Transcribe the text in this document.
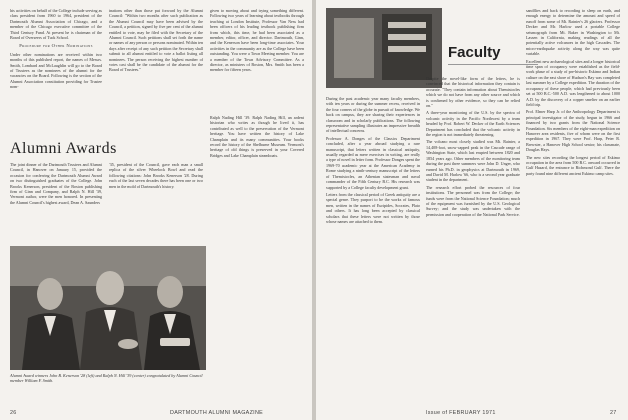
his activities on behalf of the College include serving as class president from 1960 to 1964, president of the Dartmouth Alumni Association of Chicago, and a member of the Chicago executive committee of the Third Century Fund. At present he is chairman of the Board of Overseers of Tuck School.

Procedure for Other Nominations

Under other nominations are received within two months of this published report, the names of Messrs. Smith, Lombard and McLaughlin will go to the Board of Trustees as the nominees of the alumni for the vacancies on the Board. Following is the section of the Alumni Association constitution providing for Trustee nom-

inations other than those put forward by the Alumni Council: "Within two months after such publication as the Alumni Council may have been advised by the Council, a petition, signed by five per cent of the alumni entitled to vote, may be filed with the Secretary of the Alumni Council. Such petitions shall set forth the name or names of any person or persons nominated. Within ten days after receipt of any such petition the Secretary shall submit to all alumni entitled to vote a ballot listing all nominees. The person receiving the highest number of votes cast shall be the candidate of the alumni for the Board of Trustees."

given to moving about and trying something different. Following two years of learning about textbooks through teaching at London Institute, Professor Van Ness had been officers of his leading textbook publishing firm from which, this time, he had been associated as a member, editor, officer, and director. Dartmouth, Ginn, and the Kenerson have been long-time associates. Your activities in the community are as the College have been outstanding. You were a Town Meeting member. You are a member of the Town Advisory Committee. As a director, as ministers of Boston, Mrs. Smith has been a member for fifteen years.

Ralph Nading Hill '39. Ralph Nading Hill, an ardent historian who writes as though he lived it, has contributed as well to the preservation of the Vermont heritage. You have written the history of Lake Champlain and its many communities. Your books record the history of the Shelburne Museum. Vermont's heritage of old things is preserved in your Covered Bridges and Lake Champlain steamboats.

Alumni Awards

The joint dinner of the Dartmouth Trustees and Alumni Council, in Hanover on January 15, provided the occasion for conferring the Dartmouth Alumni Award on two distinguished graduates of the College. John Brooks Kenerson, president of the Boston publishing firm of Ginn and Company, and Ralph N. Hill '39, Vermont author, were the men honored. In presenting the Alumni Council's highest award, Dean A. Saunders

'35, president of the Council, gave each man a small replica of the silver Wheelock Bowl and read the following citations: John Brooks Kenerson '28. During each of the last seven decades there has been one or two men in the mold of Dartmouth's history.

Alumni Award winners John B. Kenerson '28 (left) and Ralph N. Hill '39 (center) congratulated by Alumni Council member William F. Smith.
26	DARTMOUTH ALUMNI MAGAZINE
Faculty

During the past academic year many faculty members, with ten years or during the summer recess, received in the four corners of the globe in pursuit of knowledge. We back on campus, they are sharing their experiences in classroom and in scholarly publications. The following representative sampling illustrates an impressive breadth of intellectual concerns.

Professor A. Donges of the Classics Department concluded, after a year abroad studying a rare manuscript, that letters written in classical antiquity, usually regarded as mere exercises in writing, are really a type of novel in letter form. Professor Donges spent the 1969-70 academic year at the American Academy in Rome studying a ninth-century manuscript of the letters of Themistocles, an Athenian statesman and naval commander of the Fifth Century B.C. His research was supported by a College faculty development grant.

Letters from the classical period of Greek antiquity are a special genre. They purport to be the works of famous men, written in the names of Euripides, Socrates, Plato and others. It has long been accepted by classical scholars that these letters were not written by those whose names are attached to them.

Despite the novel-like form of the letters, he is convinced that the historical information they contain is accurate. "They contain information about Themistocles which we do not have from any other source and which is confirmed by other evidence, so they can be relied on."

A three-year monitoring of the U.S. by the spectra of volcanic activity in the Pacific Northwest by a team headed by Prof. Robert W. Decker of the Earth Sciences Department has concluded that the volcanic activity in the region is not immediately threatening.

The volcano most closely studied was Mt. Rainier, a 14,408-foot, snow-capped peak in the Cascade range of Washington State, which last erupted between 1820 and 1854 years ago. Other members of the monitoring team during the past three summers were John D. Unger, who earned his Ph.D. in geophysics at Dartmouth in 1969, and David M. Harlow '66, who is a second year graduate student in the department.

The research effort probed the resources of four institutions. The personnel was from the College; the funds were from the National Science Foundation; much of the equipment was furnished by the U.S. Geological Survey; and the study was undertaken with the permission and cooperation of the National Park Service.

sandflies and back to recording to sleep on earth, and enough energy to determine the amount and speed of runoff from some of Mt. Rainier's 26 glaciers. Professor Decker and Mr. Harlow used a portable College seismograph from Mt. Baker in Washington to Mt. Lassen in California, making readings of all the potentially active volcanoes in the high Cascades. The micro-earthquake activity along the way was quite variable.

Excellent new archaeological sites and a longer historical time span of occupancy were established as the field-work phase of a study of pre-historic Eskimo and Indian culture on the east shore of Hudson's Bay was completed last summer by a College expedition. The duration of the occupancy of these people, which had previously been set at 500 B.C.-500 A.D. was lengthened to about 1000 A.D. by the discovery of a copper smelter on an earlier field trip.

Prof. Elmer Harp Jr. of the Anthropology Department is principal investigator of the study, begun in 1966 and financed by two grants from the National Science Foundation. Six members of the eight-man expedition on Hanover area residents, five of whom were on the first expedition in 1967. They were Prof. Harp, Peter R. Brewster, a Hanover High School senior; his classmate, Douglas Hays.

The new sites recording the longest period of Eskimo occupation in the area from 500 B.C. onward occurred in Gulf Hazard, the entrance to Richmond Gulf. There the party found nine different ancient Eskimo camp sites.

Issue of FEBRUARY 1971	27
